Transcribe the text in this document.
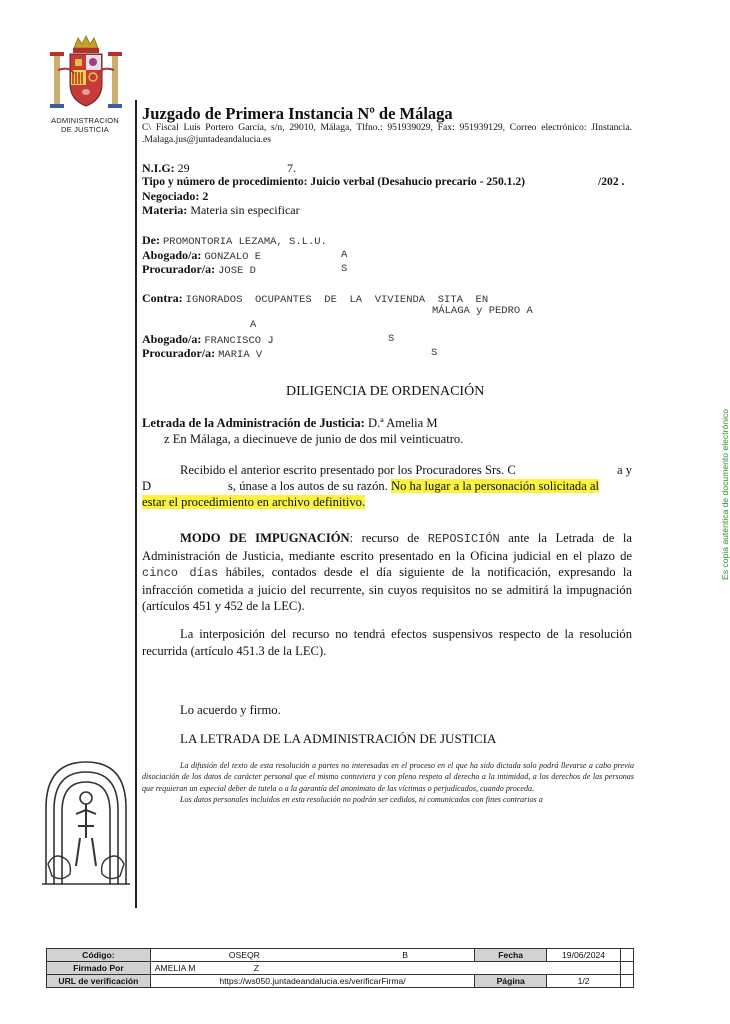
ADMINISTRACION
DE JUSTICIA
Juzgado de Primera Instancia Nº de Málaga
C\ Fiscal Luis Portero García, s/n, 29010, Málaga, Tlfno.: 951939029, Fax: 951939129, Correo electrónico: JInstancia. .Malaga.jus@juntadeandalucia.es
N.I.G: 29	7.
Tipo y número de procedimiento: Juicio verbal (Desahucio precario - 250.1.2)	/202 .
Negociado: 2
Materia: Materia sin especificar
De: PROMONTORIA LEZAMA, S.L.U.
Abogado/a: GONZALO E	A
Procurador/a: JOSE D	S
Contra: IGNORADOS  OCUPANTES  DE  LA  VIVIENDA  SITA  EN
MÁLAGA y PEDRO A
A
Abogado/a: FRANCISCO J	S
Procurador/a: MARIA V	S
DILIGENCIA DE ORDENACIÓN
Letrada de la Administración de Justicia: D.ª Amelia M
z En Málaga, a diecinueve de junio de dos mil veinticuatro.
Recibido el anterior escrito presentado por los Procuradores Srs. C	a y
D	s, únase a los autos de su razón. No ha lugar a la personación solicitada al
estar el procedimiento en archivo definitivo.
MODO DE IMPUGNACIÓN: recurso de REPOSICIÓN ante la Letrada de la Administración de Justicia, mediante escrito presentado en la Oficina judicial en el plazo de cinco días hábiles, contados desde el día siguiente de la notificación, expresando la infracción cometida a juicio del recurrente, sin cuyos requisitos no se admitirá la impugnación (artículos 451 y 452 de la LEC).
La interposición del recurso no tendrá efectos suspensivos respecto de la resolución recurrida (artículo 451.3 de la LEC).
Lo acuerdo y firmo.
LA LETRADA DE LA ADMINISTRACIÓN DE JUSTICIA
La difusión del texto de esta resolución a partes no interesadas en el proceso en el que ha sido dictada solo podrá llevarse a cabo previa disociación de los datos de carácter personal que el mismo contuviera y con pleno respeto al derecho a la intimidad, a los derechos de las personas que requieran un especial deber de tutela o a la garantía del anonimato de las víctimas o perjudicados, cuando proceda.
Los datos personales incluidos en esta resolución no podrán ser cedidos, ni comunicados con fines contrarios a
Es copia auténtica de documento electrónico
Código:	OSEQR B	Fecha	19/06/2024	
Firmado Por	AMELIA M Z			
URL de verificación	https://ws050.juntadeandalucia.es/verificarFirma/	Página	1/2	
